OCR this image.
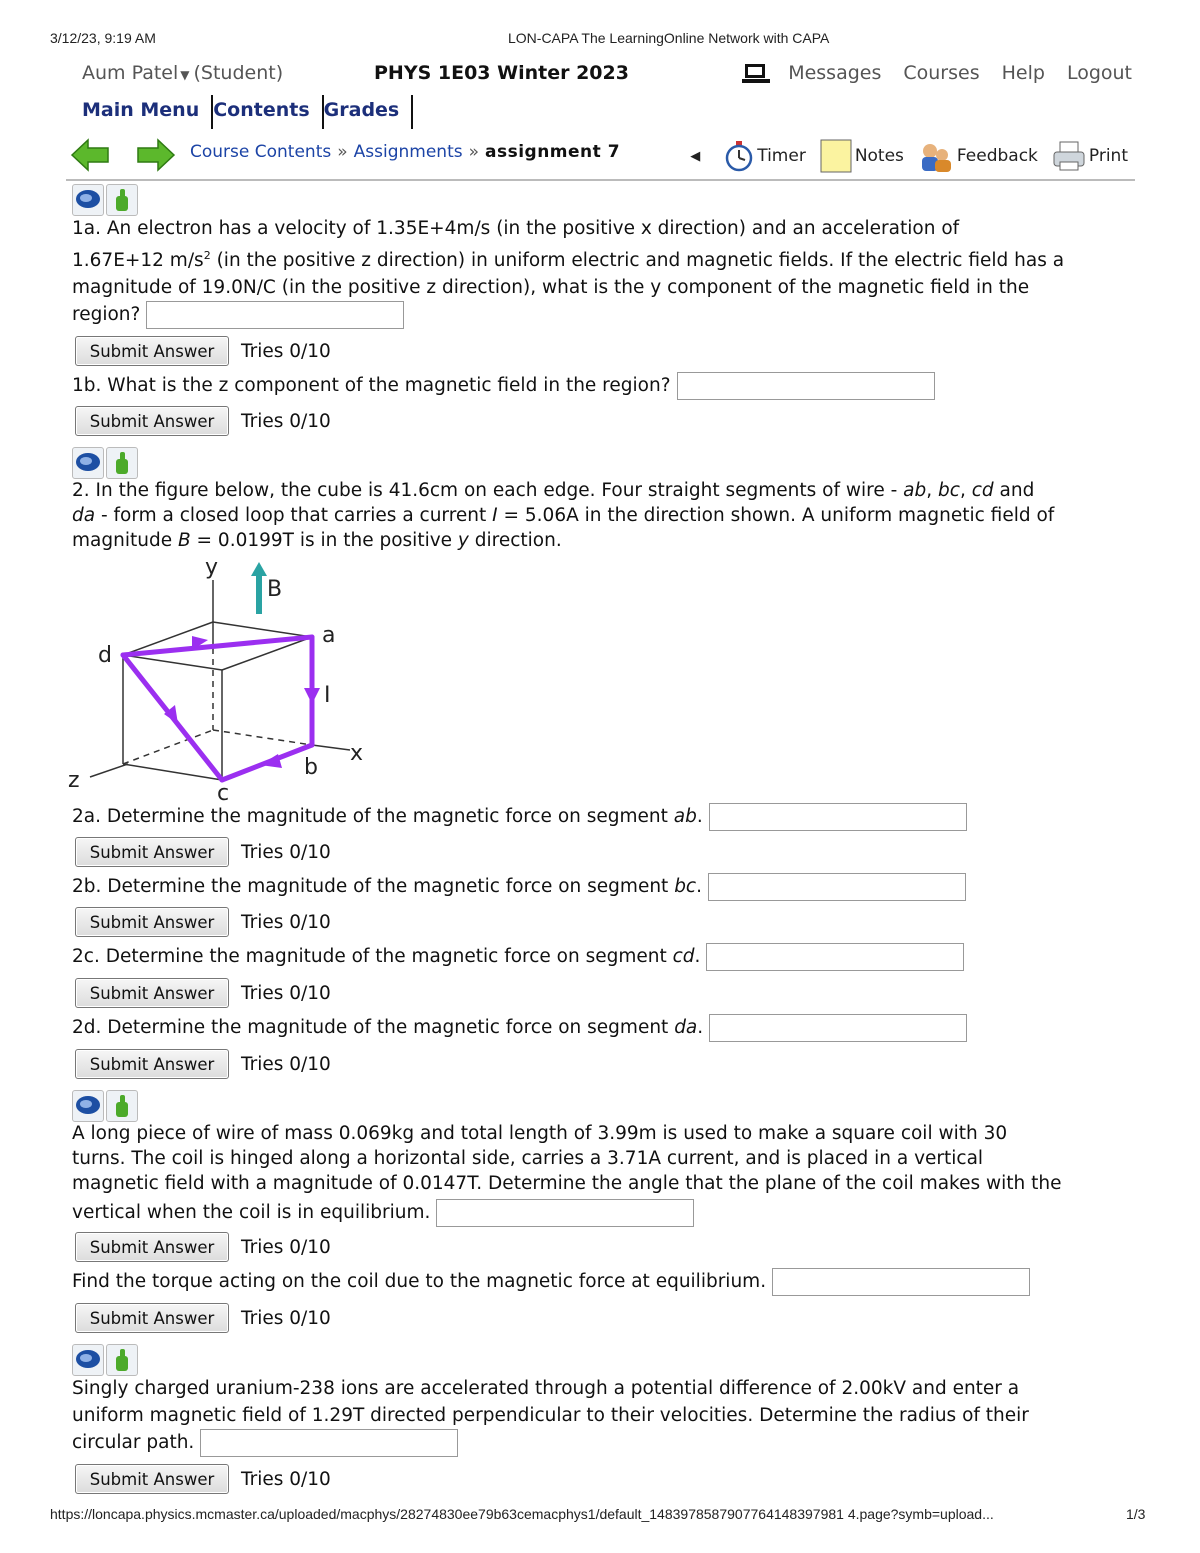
3/12/23, 9:19 AM	LON-CAPA The LearningOnline Network with CAPA
Aum Patel ▼ (Student)	PHYS 1E03 Winter 2023	Messages Courses Help Logout
Main Menu Contents Grades
Course Contents » Assignments » assignment 7	◀	Timer	Notes	Feedback	Print
1a. An electron has a velocity of 1.35E+4m/s (in the positive x direction) and an acceleration of
1.67E+12 $m/s^2$ (in the positive z direction) in uniform electric and magnetic fields. If the electric field has a
magnitude of 19.0N/C (in the positive z direction), what is the y component of the magnetic field in the
region?
Submit Answer	Tries 0/10
1b. What is the z component of the magnetic field in the region?
Submit Answer	Tries 0/10
2. In the figure below, the cube is 41.6cm on each edge. Four straight segments of wire - ab, bc, cd and
da - form a closed loop that carries a current I = 5.06A in the direction shown. A uniform magnetic field of
magnitude B = 0.0199T is in the positive y direction.
y
B
a
d
I
x
z
c
b
2a. Determine the magnitude of the magnetic force on segment ab.
Submit Answer	Tries 0/10
2b. Determine the magnitude of the magnetic force on segment bc.
Submit Answer	Tries 0/10
2c. Determine the magnitude of the magnetic force on segment cd.
Submit Answer	Tries 0/10
2d. Determine the magnitude of the magnetic force on segment da.
Submit Answer	Tries 0/10
A long piece of wire of mass 0.069kg and total length of 3.99m is used to make a square coil with 30
turns. The coil is hinged along a horizontal side, carries a 3.71A current, and is placed in a vertical
magnetic field with a magnitude of 0.0147T. Determine the angle that the plane of the coil makes with the
vertical when the coil is in equilibrium.
Submit Answer	Tries 0/10
Find the torque acting on the coil due to the magnetic force at equilibrium.
Submit Answer	Tries 0/10
Singly charged uranium-238 ions are accelerated through a potential difference of 2.00kV and enter a
uniform magnetic field of 1.29T directed perpendicular to their velocities. Determine the radius of their
circular path.
Submit Answer	Tries 0/10
https://loncapa.physics.mcmaster.ca/uploaded/macphys/28274830ee79b63cemacphys1/default_1483978587907764148397981 4.page?symb=upload...	1/3
